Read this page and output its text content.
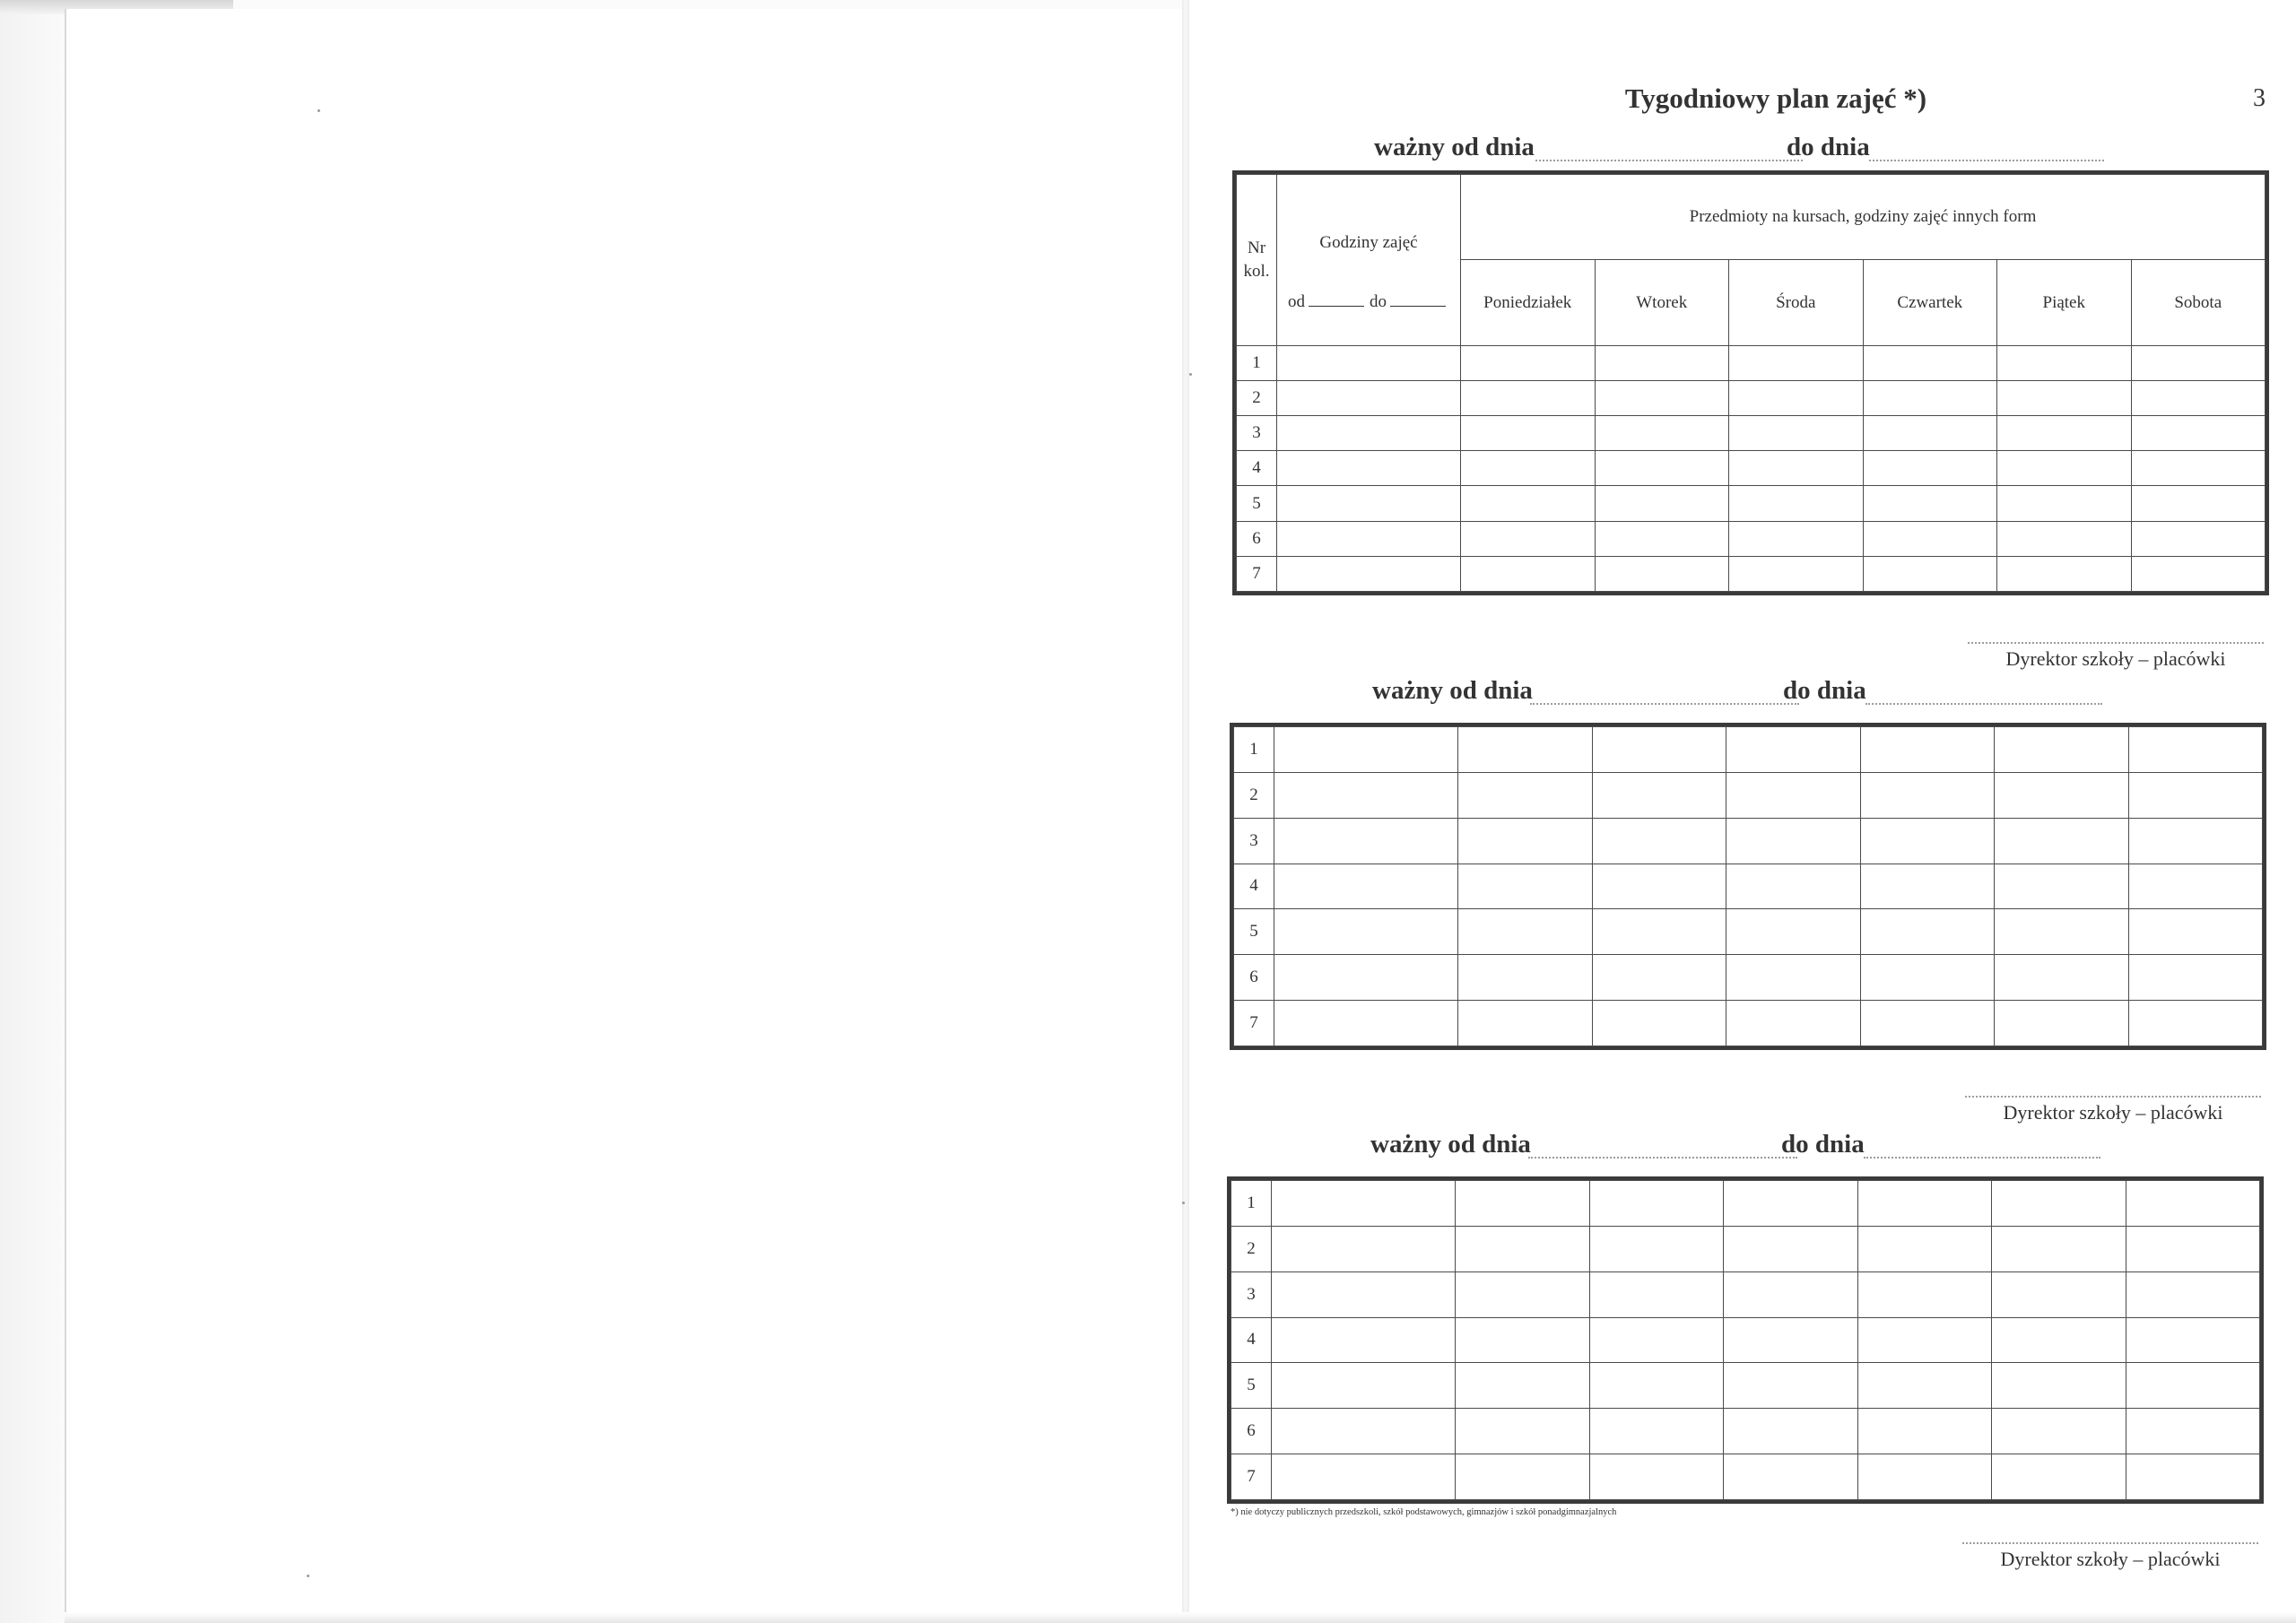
Tygodniowy plan zajęć *)	3
ważny od dnia	do dnia
Nr kol.	Godziny zajęć	Przedmioty na kursach, godziny zajęć innych form					
	od do	Poniedziałek	Wtorek	Środa	Czwartek	Piątek	Sobota
1							
2							
3							
4							
5							
6							
7							
Dyrektor szkoły – placówki
ważny od dnia	do dnia
1							
2							
3							
4							
5							
6							
7							
Dyrektor szkoły – placówki
ważny od dnia	do dnia
1							
2							
3							
4							
5							
6							
7							
*) nie dotyczy publicznych przedszkoli, szkół podstawowych, gimnazjów i szkół ponadgimnazjalnych
Dyrektor szkoły – placówki
